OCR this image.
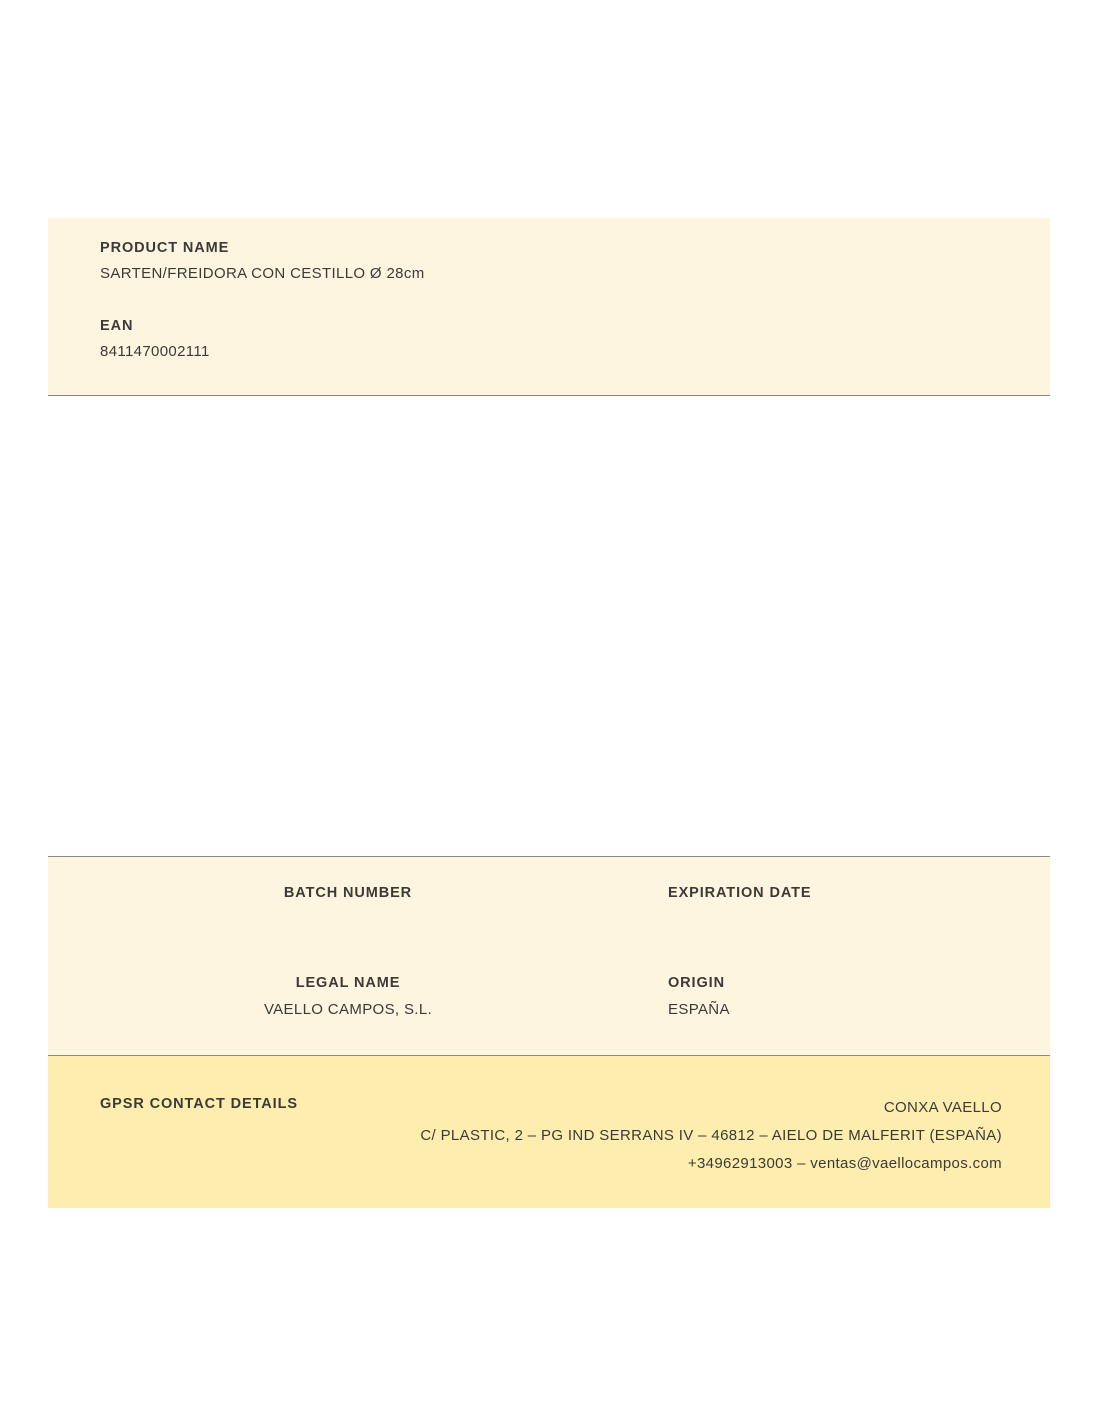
PRODUCT NAME
SARTEN/FREIDORA CON CESTILLO Ø 28cm
EAN
8411470002111
BATCH NUMBER	EXPIRATION DATE
LEGAL NAME
VAELLO CAMPOS, S.L.
ORIGIN
ESPAÑA
GPSR CONTACT DETAILS	CONXA VAELLO
C/ PLASTIC, 2 – PG IND SERRANS IV – 46812 – AIELO DE MALFERIT (ESPAÑA)
+34962913003 – ventas@vaellocampos.com
